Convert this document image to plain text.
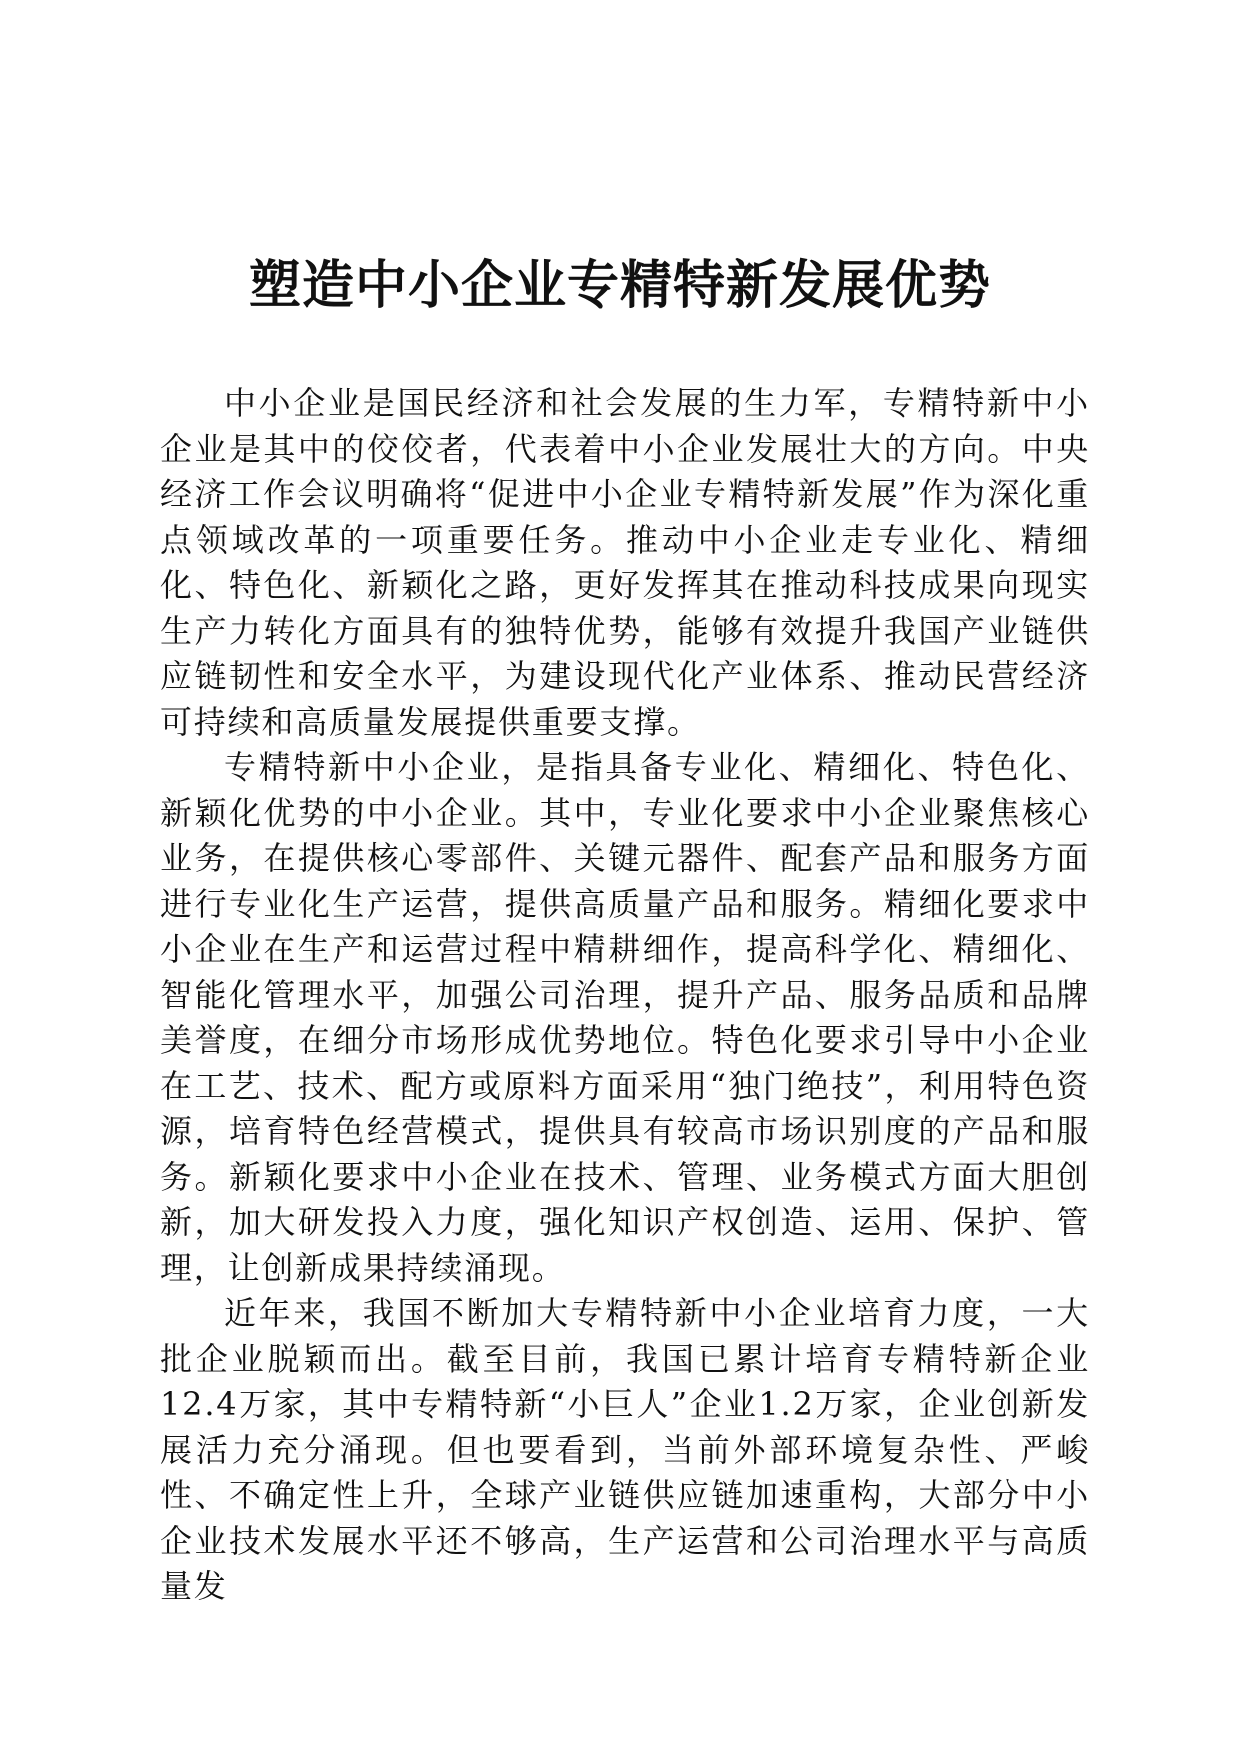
塑造中小企业专精特新发展优势

中小企业是国民经济和社会发展的生力军，专精特新中小企业是其中的佼佼者，代表着中小企业发展壮大的方向。中央经济工作会议明确将“促进中小企业专精特新发展”作为深化重点领域改革的一项重要任务。推动中小企业走专业化、精细化、特色化、新颖化之路，更好发挥其在推动科技成果向现实生产力转化方面具有的独特优势，能够有效提升我国产业链供应链韧性和安全水平，为建设现代化产业体系、推动民营经济可持续和高质量发展提供重要支撑。

专精特新中小企业，是指具备专业化、精细化、特色化、新颖化优势的中小企业。其中，专业化要求中小企业聚焦核心业务，在提供核心零部件、关键元器件、配套产品和服务方面进行专业化生产运营，提供高质量产品和服务。精细化要求中小企业在生产和运营过程中精耕细作，提高科学化、精细化、智能化管理水平，加强公司治理，提升产品、服务品质和品牌美誉度，在细分市场形成优势地位。特色化要求引导中小企业在工艺、技术、配方或原料方面采用“独门绝技”，利用特色资源，培育特色经营模式，提供具有较高市场识别度的产品和服务。新颖化要求中小企业在技术、管理、业务模式方面大胆创新，加大研发投入力度，强化知识产权创造、运用、保护、管理，让创新成果持续涌现。

近年来，我国不断加大专精特新中小企业培育力度，一大批企业脱颖而出。截至目前，我国已累计培育专精特新企业12.4万家，其中专精特新“小巨人”企业1.2万家，企业创新发展活力充分涌现。但也要看到，当前外部环境复杂性、严峻性、不确定性上升，全球产业链供应链加速重构，大部分中小企业技术发展水平还不够高，生产运营和公司治理水平与高质量发
